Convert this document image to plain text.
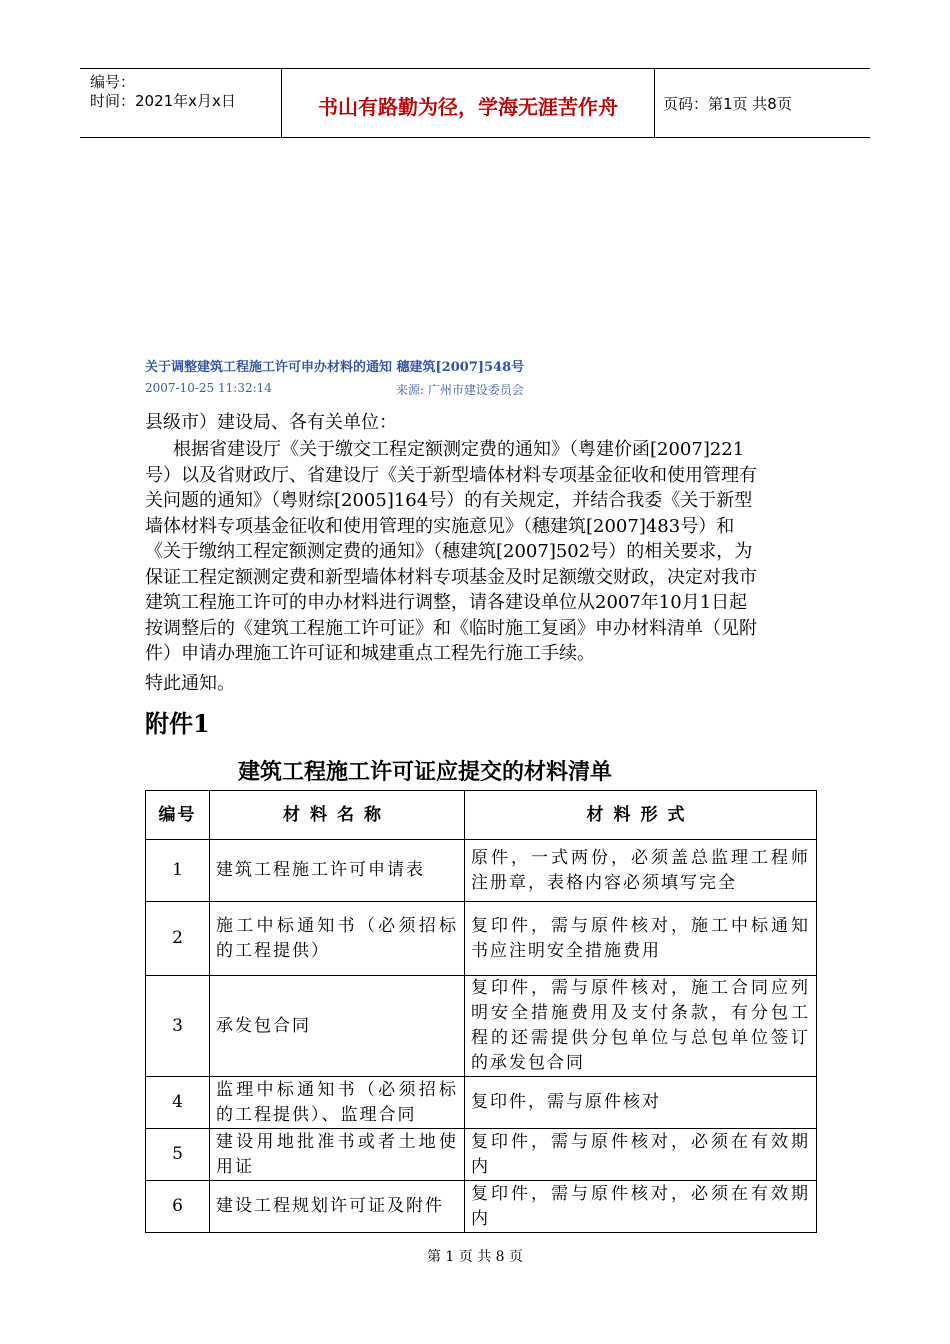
编号：
时间：2021年x月x日	书山有路勤为径，学海无涯苦作舟	页码：第1页 共8页
关于调整建筑工程施工许可申办材料的通知 穗建筑[2007]548号
2007-10-25 11:32:14	来源: 广州市建设委员会
县级市）建设局、各有关单位：
根据省建设厅《关于缴交工程定额测定费的通知》（粤建价函[2007]221
号）以及省财政厅、省建设厅《关于新型墙体材料专项基金征收和使用管理有
关问题的通知》（粤财综[2005]164号）的有关规定，并结合我委《关于新型
墙体材料专项基金征收和使用管理的实施意见》（穗建筑[2007]483号）和
《关于缴纳工程定额测定费的通知》（穗建筑[2007]502号）的相关要求，为
保证工程定额测定费和新型墙体材料专项基金及时足额缴交财政，决定对我市
建筑工程施工许可的申办材料进行调整，请各建设单位从2007年10月1日起
按调整后的《建筑工程施工许可证》和《临时施工复函》申办材料清单（见附
件）申请办理施工许可证和城建重点工程先行施工手续。
特此通知。
附件1
建筑工程施工许可证应提交的材料清单
编号	材料名称	材料形式
1	建筑工程施工许可申请表	原件，一式两份，必须盖总监理工程师注册章，表格内容必须填写完全
2	施工中标通知书（必须招标的工程提供）	复印件，需与原件核对，施工中标通知书应注明安全措施费用
3	承发包合同	复印件，需与原件核对，施工合同应列明安全措施费用及支付条款，有分包工程的还需提供分包单位与总包单位签订的承发包合同
4	监理中标通知书（必须招标的工程提供）、监理合同	复印件，需与原件核对
5	建设用地批准书或者土地使用证	复印件，需与原件核对，必须在有效期内
6	建设工程规划许可证及附件	复印件，需与原件核对，必须在有效期内
第 1 页 共 8 页
